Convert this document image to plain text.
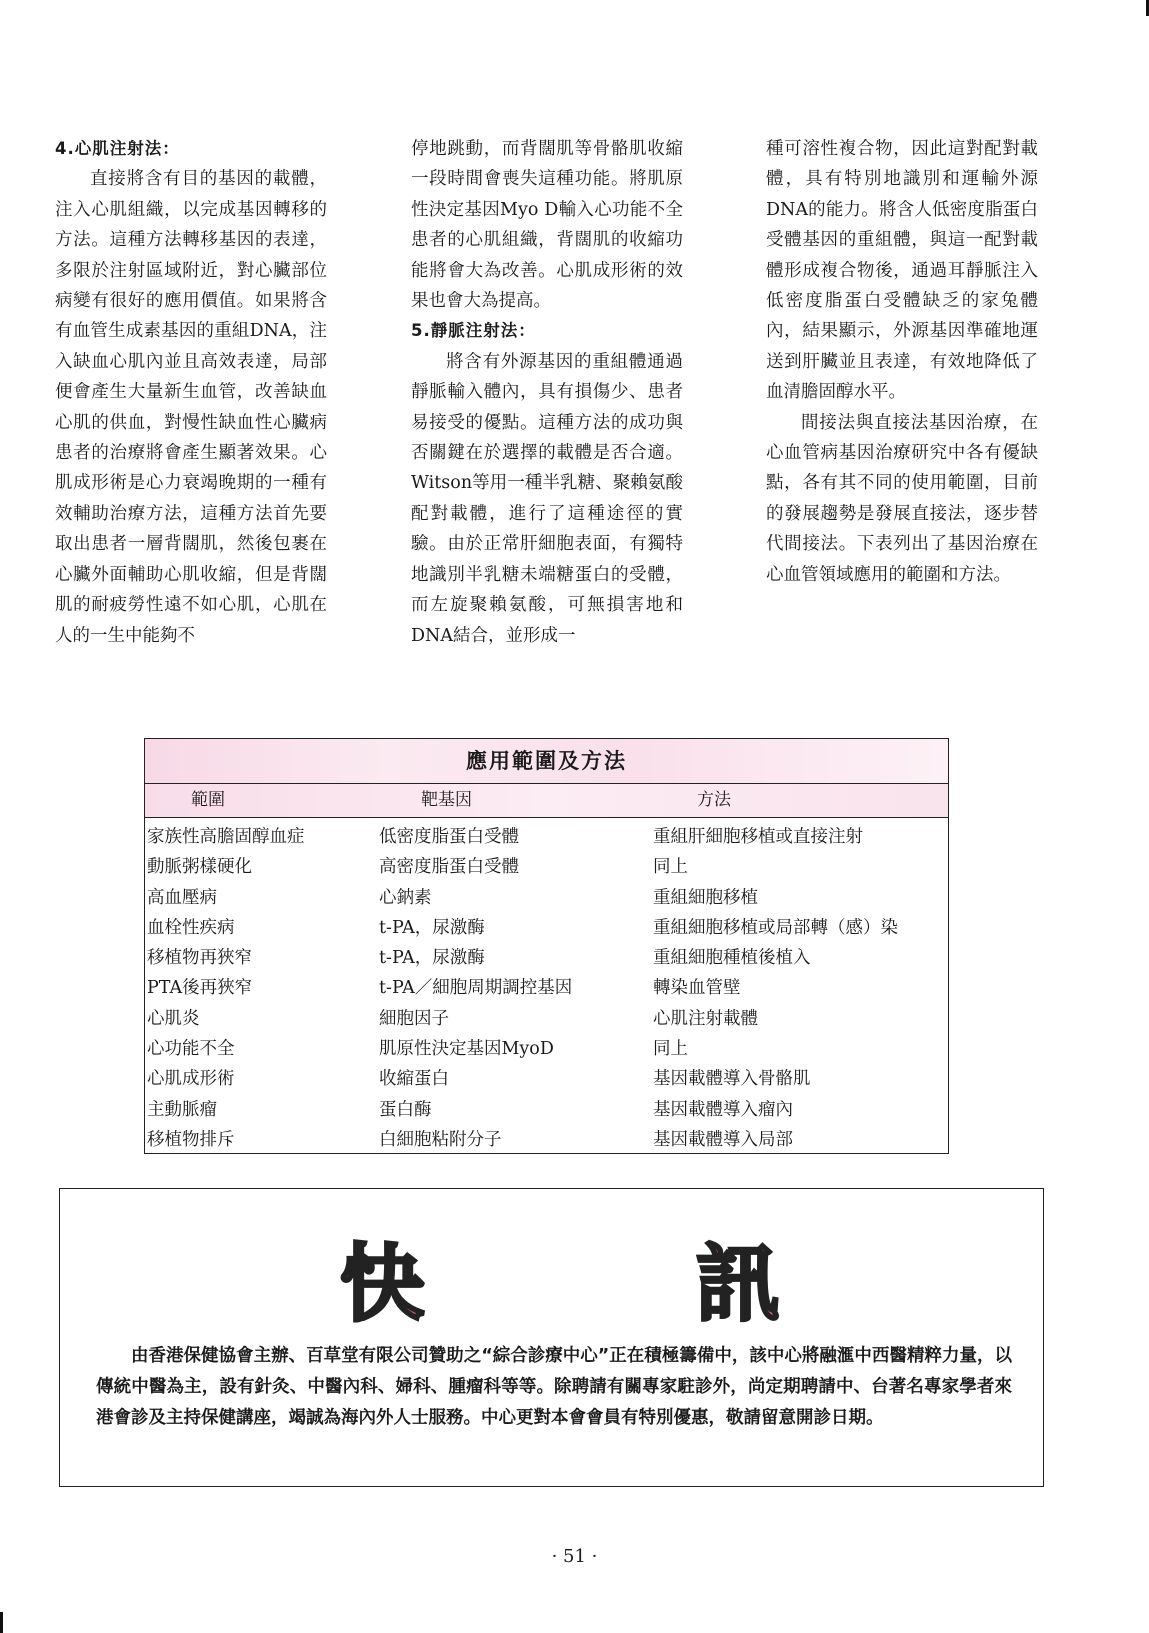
4.心肌注射法：

直接將含有目的基因的載體，注入心肌組織，以完成基因轉移的方法。這種方法轉移基因的表達，多限於注射區域附近，對心臟部位病變有很好的應用價值。如果將含有血管生成素基因的重組DNA，注入缺血心肌內並且高效表達，局部便會產生大量新生血管，改善缺血心肌的供血，對慢性缺血性心臟病患者的治療將會產生顯著效果。心肌成形術是心力衰竭晚期的一種有效輔助治療方法，這種方法首先要取出患者一層背闊肌，然後包裹在心臟外面輔助心肌收縮，但是背闊肌的耐疲勞性遠不如心肌，心肌在人的一生中能夠不

停地跳動，而背闊肌等骨骼肌收縮一段時間會喪失這種功能。將肌原性決定基因Myo D輸入心功能不全患者的心肌組織，背闊肌的收縮功能將會大為改善。心肌成形術的效果也會大為提高。

5.靜脈注射法：

將含有外源基因的重組體通過靜脈輸入體內，具有損傷少、患者易接受的優點。這種方法的成功與否關鍵在於選擇的載體是否合適。Witson等用一種半乳糖、聚賴氨酸配對載體，進行了這種途徑的實驗。由於正常肝細胞表面，有獨特地識別半乳糖未端糖蛋白的受體，而左旋聚賴氨酸，可無損害地和DNA結合，並形成一

種可溶性複合物，因此這對配對載體，具有特別地識別和運輸外源DNA的能力。將含人低密度脂蛋白受體基因的重組體，與這一配對載體形成複合物後，通過耳靜脈注入低密度脂蛋白受體缺乏的家兔體內，結果顯示，外源基因準確地運送到肝臟並且表達，有效地降低了血清膽固醇水平。

間接法與直接法基因治療，在心血管病基因治療研究中各有優缺點，各有其不同的使用範圍，目前的發展趨勢是發展直接法，逐步替代間接法。下表列出了基因治療在心血管領域應用的範圍和方法。

應用範圍及方法
範圍	靶基因	方法
家族性高膽固醇血症	低密度脂蛋白受體	重組肝細胞移植或直接注射
動脈粥樣硬化	高密度脂蛋白受體	同上
高血壓病	心鈉素	重組細胞移植
血栓性疾病	t-PA，尿激酶	重組細胞移植或局部轉（感）染
移植物再狹窄	t-PA，尿激酶	重組細胞種植後植入
PTA後再狹窄	t-PA／細胞周期調控基因	轉染血管壁
心肌炎	細胞因子	心肌注射載體
心功能不全	肌原性決定基因MyoD	同上
心肌成形術	收縮蛋白	基因載體導入骨骼肌
主動脈瘤	蛋白酶	基因載體導入瘤內
移植物排斥	白細胞粘附分子	基因載體導入局部
快	訊

由香港保健協會主辦、百草堂有限公司贊助之“綜合診療中心”正在積極籌備中，該中心將融滙中西醫精粹力量，以傳統中醫為主，設有針灸、中醫內科、婦科、腫瘤科等等。除聘請有關專家駐診外，尚定期聘請中、台著名專家學者來港會診及主持保健講座，竭誠為海內外人士服務。中心更對本會會員有特別優惠，敬請留意開診日期。

· 51 ·
